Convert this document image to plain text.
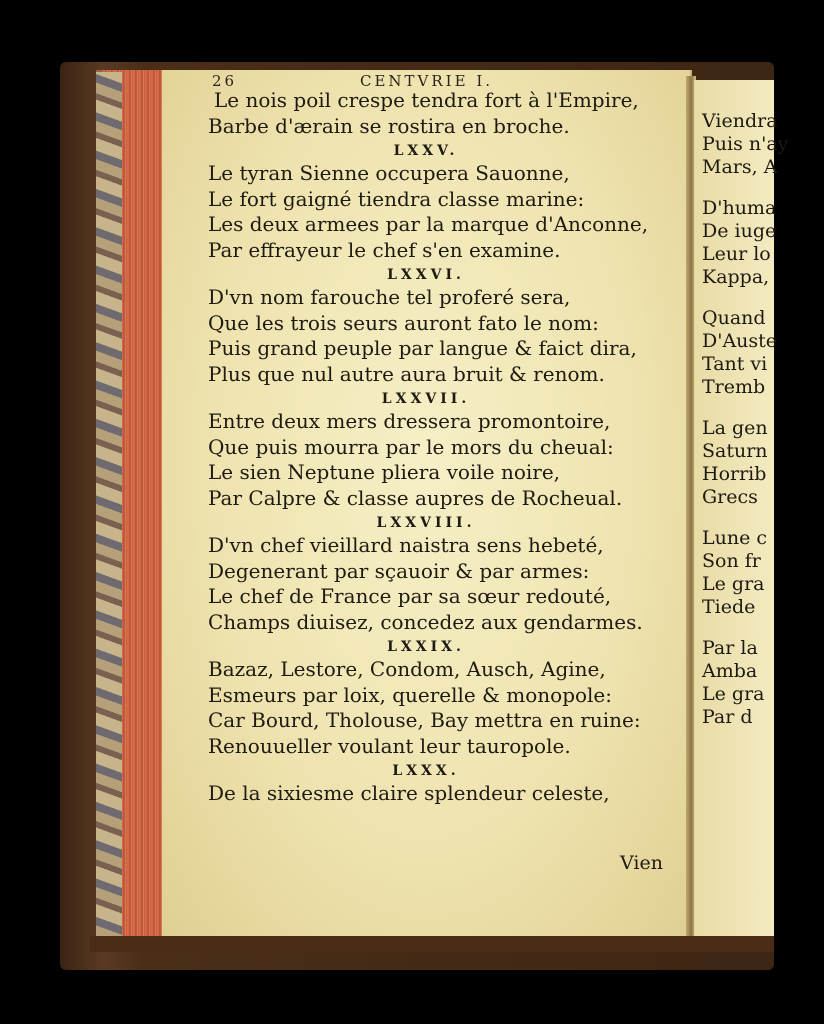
Le nois poil crespe tendra fort à l'Empire,
Barbe d'ærain se rostira en broche.
LXXV.
Le tyran Sienne occupera Sauonne,
Le fort gaigné tiendra classe marine:
Les deux armees par la marque d'Anconne,
Par effrayeur le chef s'en examine.
LXXVI.
D'vn nom farouche tel proferé sera,
Que les trois seurs auront fato le nom:
Puis grand peuple par langue & faict dira,
Plus que nul autre aura bruit & renom.
LXXVII.
Entre deux mers dressera promontoire,
Que puis mourra par le mors du cheual:
Le sien Neptune pliera voile noire,
Par Calpre & classe aupres de Rocheual.
LXXVIII.
D'vn chef vieillard naistra sens hebeté,
Degenerant par sçauoir & par armes:
Le chef de France par sa sœur redouté,
Champs diuisez, concedez aux gendarmes.
LXXIX.
Bazaz, Lestore, Condom, Ausch, Agine,
Esmeurs par loix, querelle & monopole:
Car Bourd, Tholouse, Bay mettra en ruine:
Renouueller voulant leur tauropole.
LXXX.
De la sixiesme claire splendeur celeste,
Vien
Viendra
Puis n'ay
Mars, A
D'huma
De iuge
Leur lo
Kappa,
Quand
D'Auste
Tant vi
Tremb
La gen
Saturn
Horrib
Grecs
Lune c
Son fr
Le gra
Tiede
Par la
Amba
Le gra
Par d
26	CENTVRIE I.
